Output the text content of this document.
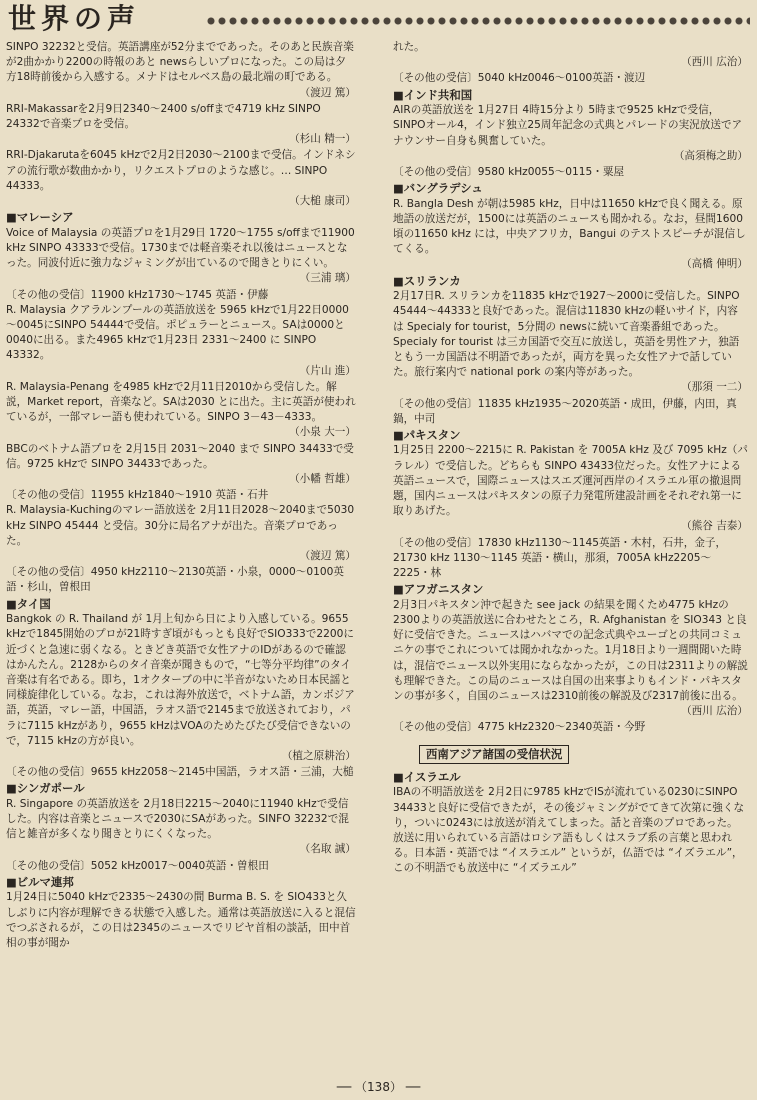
世界の声

SINPO 32232と受信。英語講座が52分までであった。そのあと民族音楽が2曲かかり2200の時報のあと newsらしいプロになった。この局は夕方18時前後から入感する。メナドはセルベス島の最北端の町である。

（渡辺 篤）

RRI-Makassarを2月9日2340～2400 s/offまで4719 kHz SINPO 24332で音楽プロを受信。

（杉山 精一）

RRI-Djakarutaを6045 kHzで2月2日2030～2100まで受信。インドネシアの流行歌が数曲かかり，リクエストプロのような感じ。… SINPO 44333。

（大槌 康司）

■マレーシア

Voice of Malaysia の英語プロを1月29日 1720～1755 s/offまで11900 kHz SINPO 43333で受信。1730までは軽音楽それ以後はニュースとなった。同波付近に強力なジャミングが出ているので聞きとりにくい。

（三浦 璃）

〔その他の受信〕11900 kHz1730～1745 英語・伊藤

R. Malaysia クアラルンプールの英語放送を 5965 kHzで1月22日0000～0045にSINPO 54444で受信。ポピュラーとニュース。SAは0000と0040に出る。また4965 kHzで1月23日 2331～2400 に SINPO 43332。

（片山 進）

R. Malaysia-Penang を4985 kHzで2月11日2010から受信した。解説，Market report，音楽など。SAは2030 とに出た。主に英語が使われているが，一部マレー語も使われている。SINPO 3－43－4333。

（小泉 大一）

BBCのベトナム語プロを 2月15日 2031～2040 まで SINPO 34433で受信。9725 kHzで SINPO 34433であった。

（小幡 哲雄）

〔その他の受信〕11955 kHz1840～1910 英語・石井

R. Malaysia-Kuchingのマレー語放送を 2月11日2028～2040まで5030 kHz SINPO 45444 と受信。30分に局名アナが出た。音楽プロであった。

（渡辺 篤）

〔その他の受信〕4950 kHz2110～2130英語・小泉，0000～0100英語・杉山，曽根田

■タイ国

Bangkok の R. Thailand が 1月上旬から日により入感している。9655 kHzで1845開始のプロが21時すぎ頃がもっとも良好でSIO333で2200に近づくと急速に弱くなる。ときどき英語で女性アナのIDがあるので確認はかんたん。2128からのタイ音楽が聞きもので，“七等分平均律”のタイ音楽は有名である。即ち，1オクターブの中に半音がないため日本民謡と同様旋律化している。なお，これは海外放送で，ベトナム語，カンボジア語，英語，マレー語，中国語，ラオス語で2145まで放送されており，パラに7115 kHzがあり，9655 kHzはVOAのためたびたび受信できないので，7115 kHzの方が良い。

（植之原耕治）

〔その他の受信〕9655 kHz2058～2145中国語，ラオス語・三浦，大槌

■シンガポール

R. Singapore の英語放送を 2月18日2215～2040に11940 kHzで受信した。内容は音楽とニュースで2030にSAがあった。SINFO 32232で混信と雑音が多くなり聞きとりにくくなった。

（名取 誠）

〔その他の受信〕5052 kHz0017～0040英語・曽根田

■ビルマ連邦

1月24日に5040 kHzで2335～2430の間 Burma B. S. を SIO433と久しぶりに内容が理解できる状態で入感した。通常は英語放送に入ると混信でつぶされるが，この日は2345のニュースでリビヤ首相の談話，田中首相の事が聞か

れた。

（西川 広治）

〔その他の受信〕5040 kHz0046～0100英語・渡辺

■インド共和国

AIRの英語放送を 1月27日 4時15分より 5時まで9525 kHzで受信，SINPOオール4，インド独立25周年記念の式典とパレードの実況放送でアナウンサー自身も興奮していた。

（高須梅之助）

〔その他の受信〕9580 kHz0055～0115・粟屋

■バングラデシュ

R. Bangla Desh が朝は5985 kHz，日中は11650 kHzで良く聞える。原地語の放送だが，1500には英語のニュースも聞かれる。なお，昼間1600頃の11650 kHz には，中央アフリカ，Bangui のテストスピーチが混信してくる。

（高橋 伸明）

■スリランカ

2月17日R. スリランカを11835 kHzで1927～2000に受信した。SINPO 45444～44333と良好であった。混信は11830 kHzの軽いサイド，内容は Specialy for tourist，5分間の newsに続いて音楽番組であった。Specialy for tourist は三カ国語で交互に放送し，英語を男性アナ，独語ともう一カ国語は不明語であったが，両方を異った女性アナで話していた。旅行案内で national pork の案内等があった。

（那須 一二）

〔その他の受信〕11835 kHz1935～2020英語・成田，伊藤，内田，真鍋，中司

■パキスタン

1月25日 2200～2215に R. Pakistan を 7005A kHz 及び 7095 kHz（パラレル）で受信した。どちらも SINPO 43433位だった。女性アナによる英語ニュースで，国際ニュースはスエズ運河西岸のイスラエル軍の撤退問題，国内ニュースはパキスタンの原子力発電所建設計画をそれぞれ第一に取りあげた。

（熊谷 吉泰）

〔その他の受信〕17830 kHz1130～1145英語・木村，石井，金子，21730 kHz 1130～1145 英語・横山，那須，7005A kHz2205～2225・林

■アフガニスタン

2月3日パキスタン沖で起きた see jack の結果を聞くため4775 kHzの2300よりの英語放送に合わせたところ，R. Afghanistan を SIO343 と良好に受信できた。ニュースはハバマでの記念式典やユーゴとの共同コミュニケの事でこれについては聞かれなかった。1月18日より一週間聞いた時は，混信でニュース以外実用にならなかったが，この日は2311よりの解説も理解できた。この局のニュースは自国の出来事よりもインド・パキスタンの事が多く，自国のニュースは2310前後の解説及び2317前後に出る。

（西川 広治）

〔その他の受信〕4775 kHz2320～2340英語・今野

西南アジア諸国の受信状況
■イスラエル

IBAの不明語放送を 2月2日に9785 kHzでISが流れている0230にSINPO 34433と良好に受信できたが，その後ジャミングがでてきて次第に強くなり，ついに0243には放送が消えてしまった。話と音楽のプロであった。放送に用いられている言語はロシア語もしくはスラブ系の言葉と思われる。日本語・英語では “イスラエル” というが，仏語では “イズラエル”，この不明語でも放送中に “イズラエル”

── （138） ──
